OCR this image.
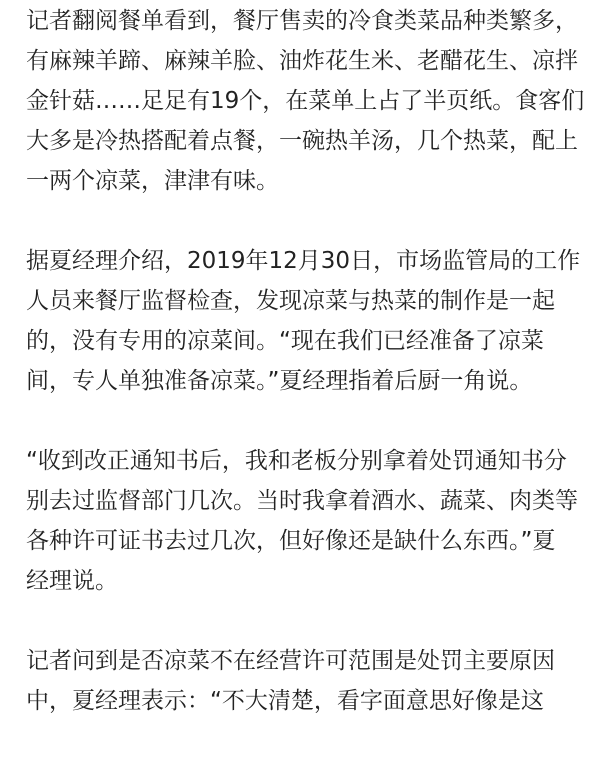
记者翻阅餐单看到，餐厅售卖的冷食类菜品种类繁多，
有麻辣羊蹄、麻辣羊脸、油炸花生米、老醋花生、凉拌
金针菇……足足有19个，在菜单上占了半页纸。食客们
大多是冷热搭配着点餐，一碗热羊汤，几个热菜，配上
一两个凉菜，津津有味。

据夏经理介绍，2019年12月30日，市场监管局的工作
人员来餐厅监督检查，发现凉菜与热菜的制作是一起
的，没有专用的凉菜间。“现在我们已经准备了凉菜
间，专人单独准备凉菜。”夏经理指着后厨一角说。

“收到改正通知书后，我和老板分别拿着处罚通知书分
别去过监督部门几次。当时我拿着酒水、蔬菜、肉类等
各种许可证书去过几次，但好像还是缺什么东西。”夏
经理说。

记者问到是否凉菜不在经营许可范围是处罚主要原因
中，夏经理表示：“不大清楚，看字面意思好像是这
